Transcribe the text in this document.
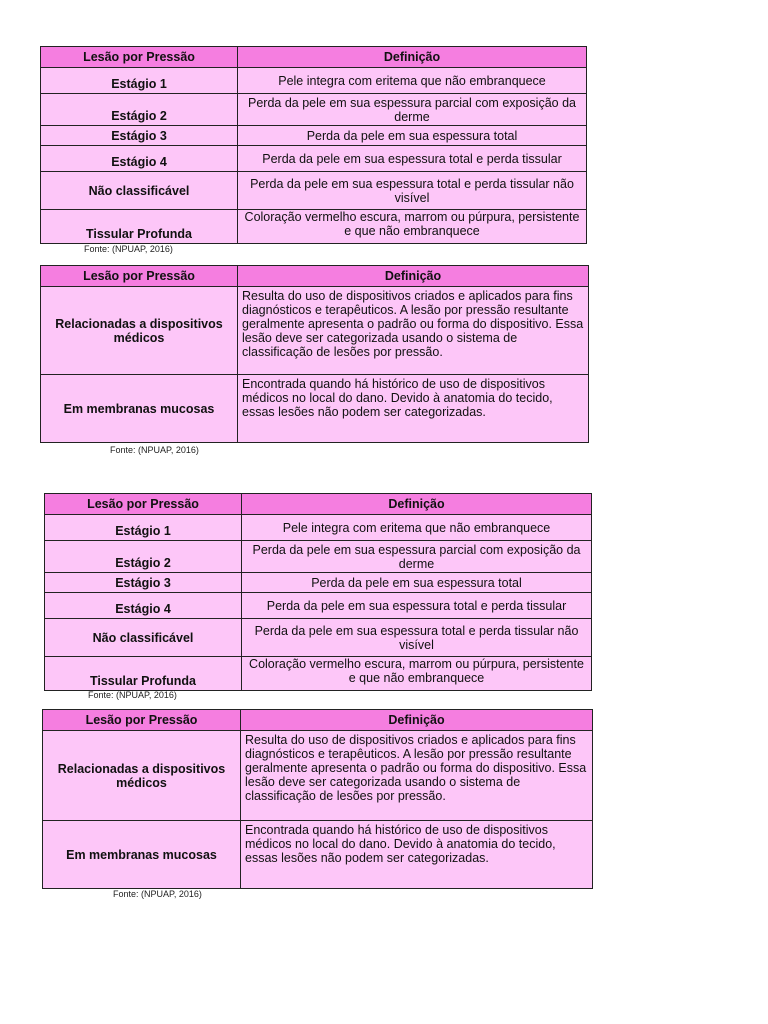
Lesão por Pressão	Definição
Estágio 1	Pele integra com eritema que não embranquece
Estágio 2	Perda da pele em sua espessura parcial com exposição da derme
Estágio 3	Perda da pele em sua espessura total
Estágio 4	Perda da pele em sua espessura total e perda tissular
Não classificável	Perda da pele em sua espessura total e perda tissular não visível
Tissular Profunda	Coloração vermelho escura, marrom ou púrpura, persistente e que não embranquece
Fonte: (NPUAP, 2016)
Lesão por Pressão	Definição
Relacionadas a dispositivos médicos	Resulta do uso de dispositivos criados e aplicados para fins diagnósticos e terapêuticos. A lesão por pressão resultante geralmente apresenta o padrão ou forma do dispositivo. Essa lesão deve ser categorizada usando o sistema de classificação de lesões por pressão.
Em membranas mucosas	Encontrada quando há histórico de uso de dispositivos médicos no local do dano. Devido à anatomia do tecido, essas lesões não podem ser categorizadas.
Fonte: (NPUAP, 2016)
Lesão por Pressão	Definição
Estágio 1	Pele integra com eritema que não embranquece
Estágio 2	Perda da pele em sua espessura parcial com exposição da derme
Estágio 3	Perda da pele em sua espessura total
Estágio 4	Perda da pele em sua espessura total e perda tissular
Não classificável	Perda da pele em sua espessura total e perda tissular não visível
Tissular Profunda	Coloração vermelho escura, marrom ou púrpura, persistente e que não embranquece
Fonte: (NPUAP, 2016)
Lesão por Pressão	Definição
Relacionadas a dispositivos médicos	Resulta do uso de dispositivos criados e aplicados para fins diagnósticos e terapêuticos. A lesão por pressão resultante geralmente apresenta o padrão ou forma do dispositivo. Essa lesão deve ser categorizada usando o sistema de classificação de lesões por pressão.
Em membranas mucosas	Encontrada quando há histórico de uso de dispositivos médicos no local do dano. Devido à anatomia do tecido, essas lesões não podem ser categorizadas.
Fonte: (NPUAP, 2016)
